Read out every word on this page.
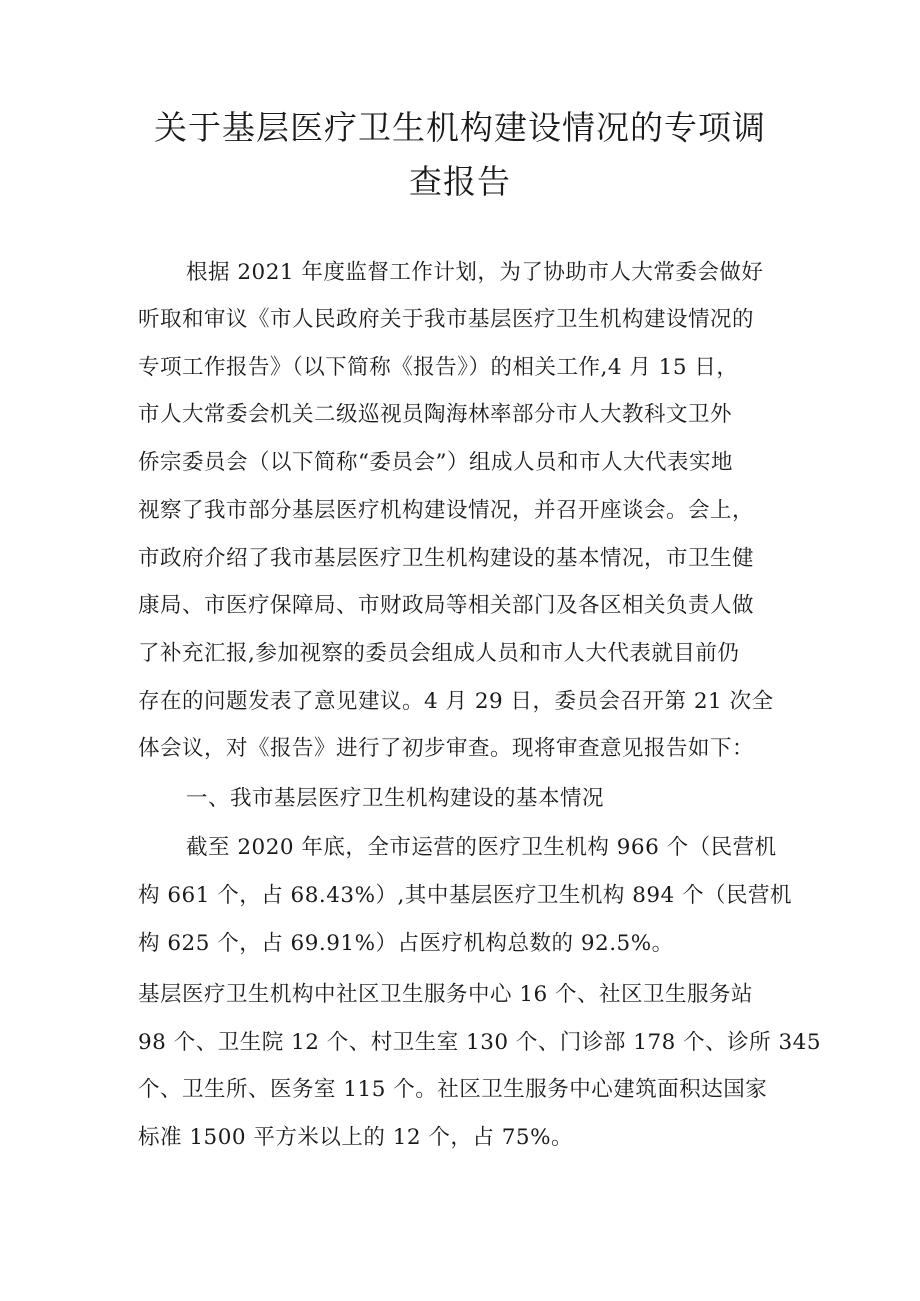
关于基层医疗卫生机构建设情况的专项调
查报告
根据 2021 年度监督工作计划，为了协助市人大常委会做好
听取和审议《市人民政府关于我市基层医疗卫生机构建设情况的
专项工作报告》（以下简称《报告》）的相关工作,4 月 15 日，
市人大常委会机关二级巡视员陶海林率部分市人大教科文卫外
侨宗委员会（以下简称“委员会”）组成人员和市人大代表实地
视察了我市部分基层医疗机构建设情况，并召开座谈会。会上，
市政府介绍了我市基层医疗卫生机构建设的基本情况，市卫生健
康局、市医疗保障局、市财政局等相关部门及各区相关负责人做
了补充汇报,参加视察的委员会组成人员和市人大代表就目前仍
存在的问题发表了意见建议。4 月 29 日，委员会召开第 21 次全
体会议，对《报告》进行了初步审查。现将审查意见报告如下：
一、我市基层医疗卫生机构建设的基本情况
截至 2020 年底，全市运营的医疗卫生机构 966 个（民营机
构 661 个，占 68.43%）,其中基层医疗卫生机构 894 个（民营机
构 625 个，占 69.91%）占医疗机构总数的 92.5%。
基层医疗卫生机构中社区卫生服务中心 16 个、社区卫生服务站
98 个、卫生院 12 个、村卫生室 130 个、门诊部 178 个、诊所 345
个、卫生所、医务室 115 个。社区卫生服务中心建筑面积达国家
标准 1500 平方米以上的 12 个，占 75%。
